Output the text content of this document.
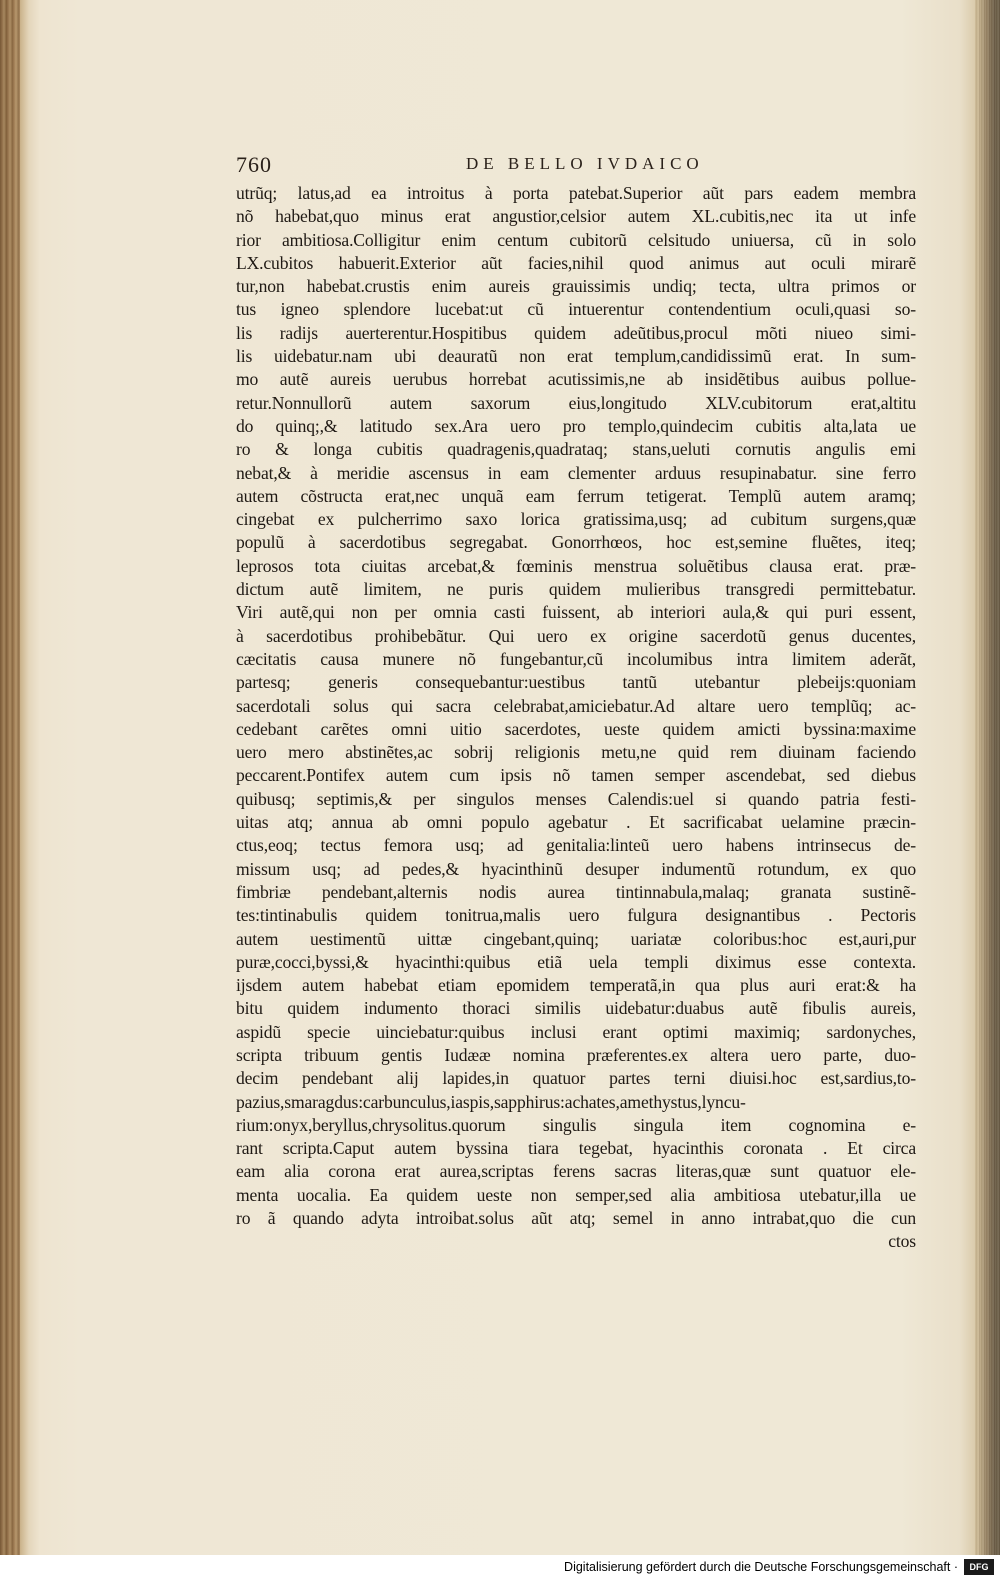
760	DE BELLO IVDAICO
utrũq; latus,ad ea introitus à porta patebat.Superior aũt pars eadem membra
nõ habebat,quo minus erat angustior,celsior autem XL.cubitis,nec ita ut infe
rior ambitiosa.Colligitur enim centum cubitorũ celsitudo uniuersa, cũ in solo
LX.cubitos habuerit.Exterior aũt facies,nihil quod animus aut oculi mirarẽ
tur,non habebat.crustis enim aureis grauissimis undiq; tecta, ultra primos or
tus igneo splendore lucebat:ut cũ intuerentur contendentium oculi,quasi so-
lis radijs auerterentur.Hospitibus quidem adeũtibus,procul mõti niueo simi-
lis uidebatur.nam ubi deauratũ non erat templum,candidissimũ erat. In sum-
mo autẽ aureis uerubus horrebat acutissimis,ne ab insidẽtibus auibus pollue-
retur.Nonnullorũ autem saxorum eius,longitudo XLV.cubitorum erat,altitu
do quinq;,& latitudo sex.Ara uero pro templo,quindecim cubitis alta,lata ue
ro & longa cubitis quadragenis,quadrataq; stans,ueluti cornutis angulis emi
nebat,& à meridie ascensus in eam clementer arduus resupinabatur. sine ferro
autem cõstructa erat,nec unquã eam ferrum tetigerat. Templũ autem aramq;
cingebat ex pulcherrimo saxo lorica gratissima,usq; ad cubitum surgens,quæ
populũ à sacerdotibus segregabat. Gonorrhœos, hoc est,semine fluẽtes, iteq;
leprosos tota ciuitas arcebat,& fœminis menstrua soluẽtibus clausa erat. præ-
dictum autẽ limitem, ne puris quidem mulieribus transgredi permittebatur.
Viri autẽ,qui non per omnia casti fuissent, ab interiori aula,& qui puri essent,
à sacerdotibus prohibebãtur. Qui uero ex origine sacerdotũ genus ducentes,
cæcitatis causa munere nõ fungebantur,cũ incolumibus intra limitem aderãt,
partesq; generis consequebantur:uestibus tantũ utebantur plebeijs:quoniam
sacerdotali solus qui sacra celebrabat,amiciebatur.Ad altare uero templũq; ac-
cedebant carẽtes omni uitio sacerdotes, ueste quidem amicti byssina:maxime
uero mero abstinẽtes,ac sobrij religionis metu,ne quid rem diuinam faciendo
peccarent.Pontifex autem cum ipsis nõ tamen semper ascendebat, sed diebus
quibusq; septimis,& per singulos menses Calendis:uel si quando patria festi-
uitas atq; annua ab omni populo agebatur . Et sacrificabat uelamine præcin-
ctus,eoq; tectus femora usq; ad genitalia:linteũ uero habens intrinsecus de-
missum usq; ad pedes,& hyacinthinũ desuper indumentũ rotundum, ex quo
fimbriæ pendebant,alternis nodis aurea tintinnabula,malaq; granata sustinẽ-
tes:tintinabulis quidem tonitrua,malis uero fulgura designantibus . Pectoris
autem uestimentũ uittæ cingebant,quinq; uariatæ coloribus:hoc est,auri,pur
puræ,cocci,byssi,& hyacinthi:quibus etiã uela templi diximus esse contexta.
ijsdem autem habebat etiam epomidem temperatã,in qua plus auri erat:& ha
bitu quidem indumento thoraci similis uidebatur:duabus autẽ fibulis aureis,
aspidũ specie uinciebatur:quibus inclusi erant optimi maximiq; sardonyches,
scripta tribuum gentis Iudææ nomina præferentes.ex altera uero parte, duo-
decim pendebant alij lapides,in quatuor partes terni diuisi.hoc est,sardius,to-
pazius,smaragdus:carbunculus,iaspis,sapphirus:achates,amethystus,lyncu-
rium:onyx,beryllus,chrysolitus.quorum singulis singula item cognomina e-
rant scripta.Caput autem byssina tiara tegebat, hyacinthis coronata . Et circa
eam alia corona erat aurea,scriptas ferens sacras literas,quæ sunt quatuor ele-
menta uocalia. Ea quidem ueste non semper,sed alia ambitiosa utebatur,illa ue
ro ã quando adyta introibat.solus aũt atq; semel in anno intrabat,quo die cun
ctos
Digitalisierung gefördert durch die Deutsche Forschungsgemeinschaft ·	DFG
